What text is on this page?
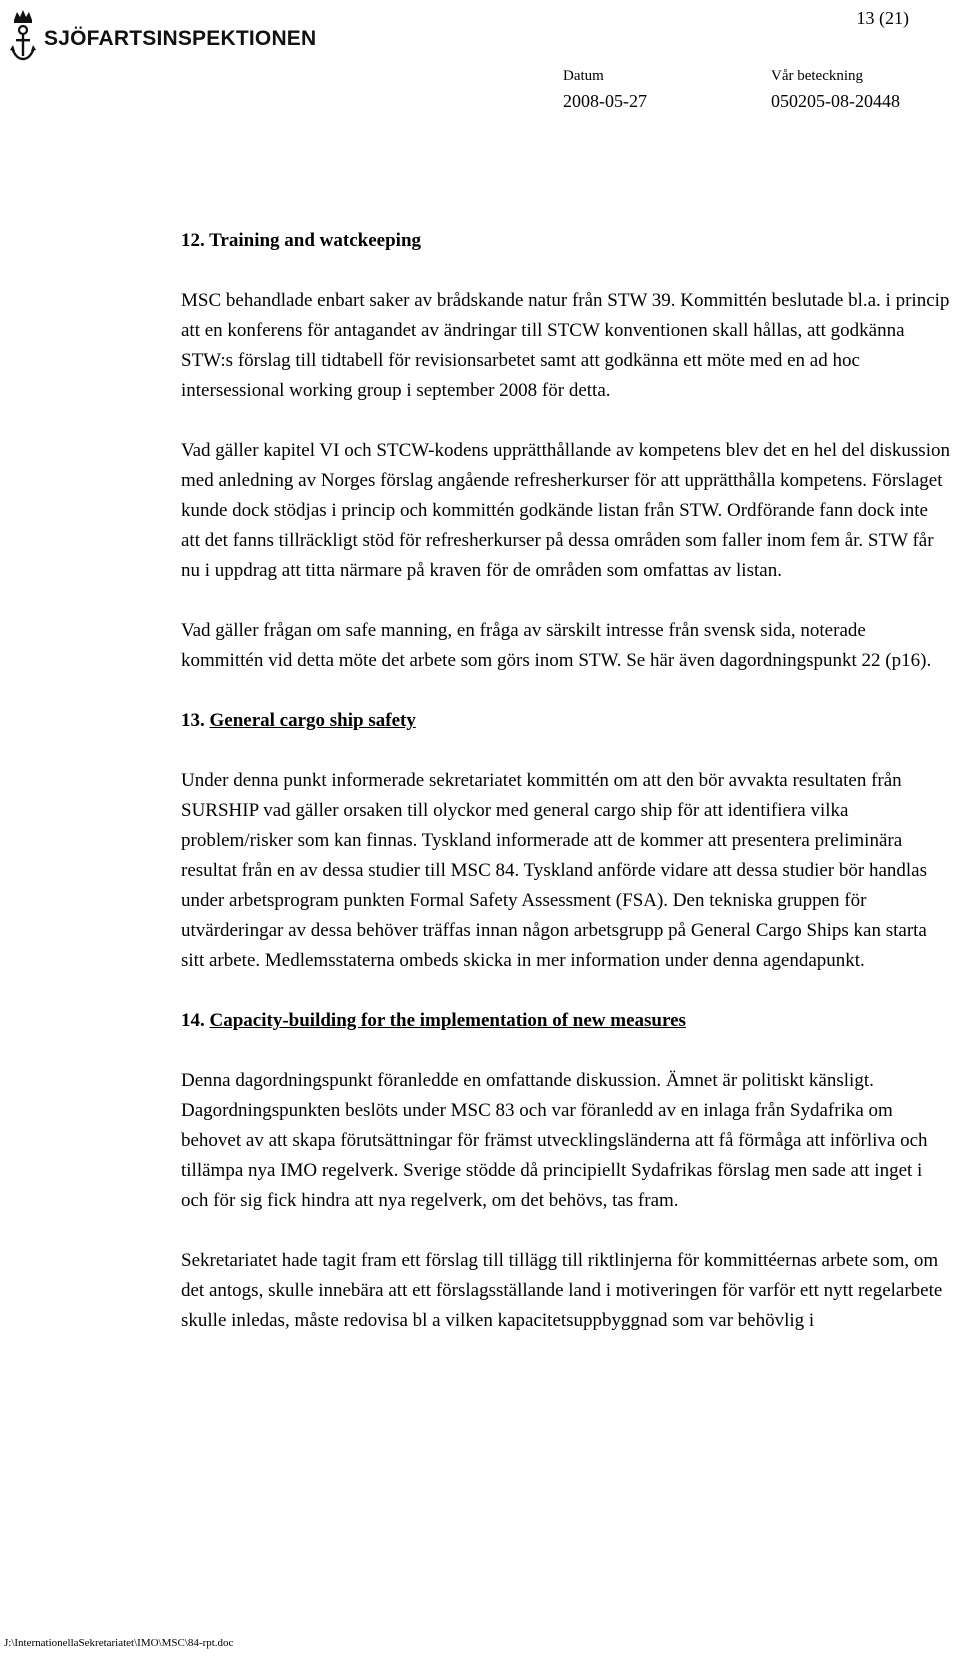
SJÖFARTSINSPEKTIONEN
13 (21)
Datum
2008-05-27
Vår beteckning
050205-08-20448

12. Training and watckeeping

MSC behandlade enbart saker av brådskande natur från STW 39. Kommittén beslutade bl.a. i princip att en konferens för antagandet av ändringar till STCW konventionen skall hållas, att godkänna STW:s förslag till tidtabell för revisionsarbetet samt att godkänna ett möte med en ad hoc intersessional working group i september 2008 för detta.

Vad gäller kapitel VI och STCW-kodens upprätthållande av kompetens blev det en hel del diskussion med anledning av Norges förslag angående refresherkurser för att upprätthålla kompetens. Förslaget kunde dock stödjas i princip och kommittén godkände listan från STW. Ordförande fann dock inte att det fanns tillräckligt stöd för refresherkurser på dessa områden som faller inom fem år. STW får nu i uppdrag att titta närmare på kraven för de områden som omfattas av listan.

Vad gäller frågan om safe manning, en fråga av särskilt intresse från svensk sida, noterade kommittén vid detta möte det arbete som görs inom STW. Se här även dagordningspunkt 22 (p16).

13. General cargo ship safety

Under denna punkt informerade sekretariatet kommittén om att den bör avvakta resultaten från SURSHIP vad gäller orsaken till olyckor med general cargo ship för att identifiera vilka problem/risker som kan finnas. Tyskland informerade att de kommer att presentera preliminära resultat från en av dessa studier till MSC 84. Tyskland anförde vidare att dessa studier bör handlas under arbetsprogram punkten Formal Safety Assessment (FSA). Den tekniska gruppen för utvärderingar av dessa behöver träffas innan någon arbetsgrupp på General Cargo Ships kan starta sitt arbete. Medlemsstaterna ombeds skicka in mer information under denna agendapunkt.

14. Capacity-building for the implementation of new measures

Denna dagordningspunkt föranledde en omfattande diskussion. Ämnet är politiskt känsligt. Dagordningspunkten beslöts under MSC 83 och var föranledd av en inlaga från Sydafrika om behovet av att skapa förutsättningar för främst utvecklingsländerna att få förmåga att införliva och tillämpa nya IMO regelverk. Sverige stödde då principiellt Sydafrikas förslag men sade att inget i och för sig fick hindra att nya regelverk, om det behövs, tas fram.

Sekretariatet hade tagit fram ett förslag till tillägg till riktlinjerna för kommittéernas arbete som, om det antogs, skulle innebära att ett förslagsställande land i motiveringen för varför ett nytt regelarbete skulle inledas, måste redovisa bl a vilken kapacitetsuppbyggnad som var behövlig i

J:\InternationellaSekretariatet\IMO\MSC\84-rpt.doc
